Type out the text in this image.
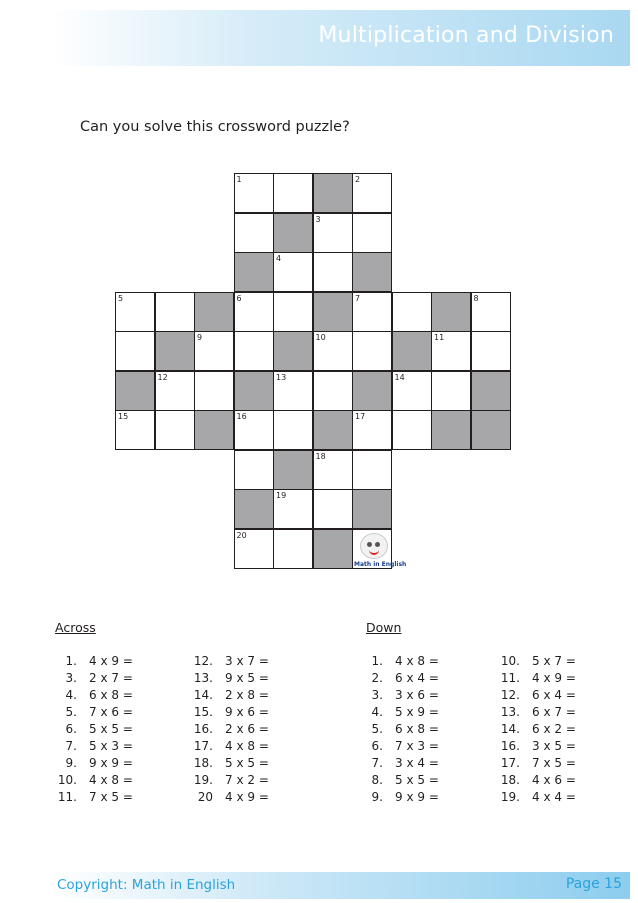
Multiplication and Division
Can you solve this crossword puzzle?
1	2
3
4
5	6	7	8
9	10	11
12	13	14
15	16	17
18
19
20
Math in English
Across	Down
1. 4 x 9 =
3. 2 x 7 =
4. 6 x 8 =
5. 7 x 6 =
6. 5 x 5 =
7. 5 x 3 =
9. 9 x 9 =
10. 4 x 8 =
11. 7 x 5 =
12. 3 x 7 =
13. 9 x 5 =
14. 2 x 8 =
15. 9 x 6 =
16. 2 x 6 =
17. 4 x 8 =
18. 5 x 5 =
19. 7 x 2 =
20 4 x 9 =
1. 4 x 8 =
2. 6 x 4 =
3. 3 x 6 =
4. 5 x 9 =
5. 6 x 8 =
6. 7 x 3 =
7. 3 x 4 =
8. 5 x 5 =
9. 9 x 9 =
10. 5 x 7 =
11. 4 x 9 =
12. 6 x 4 =
13. 6 x 7 =
14. 6 x 2 =
16. 3 x 5 =
17. 7 x 5 =
18. 4 x 6 =
19. 4 x 4 =
Copyright: Math in English	Page 15
